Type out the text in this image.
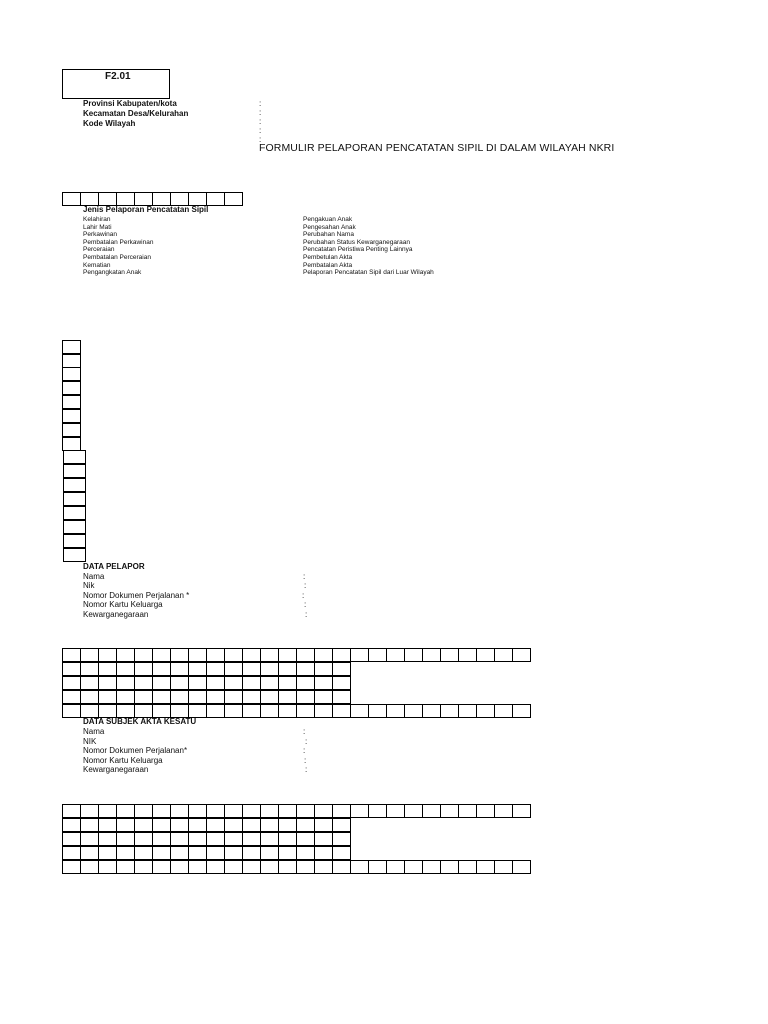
F2.01
Provinsi Kabupaten/kota
Kecamatan Desa/Kelurahan
Kode Wilayah
:
:
:
:
:
FORMULIR PELAPORAN PENCATATAN SIPIL DI DALAM WILAYAH NKRI
Jenis Pelaporan Pencatatan Sipil
Kelahiran
Lahir Mati
Perkawinan
Pembatalan Perkawinan
Perceraian
Pembatalan Perceraian
Kematian
Pengangkatan Anak
Pengakuan Anak
Pengesahan Anak
Perubahan Nama
Perubahan Status Kewarganegaraan
Pencatatan Peristiwa Penting Lainnya
Pembetulan Akta
Pembatalan Akta
Pelaporan Pencatatan Sipil dari Luar Wilayah
DATA PELAPOR
Nama
Nik
Nomor Dokumen Perjalanan *
Nomor Kartu Keluarga
Kewarganegaraan
:
:
:
:
:
DATA SUBJEK AKTA KESATU
Nama
NIK
Nomor Dokumen Perjalanan*
Nomor Kartu Keluarga
Kewarganegaraan
:
:
:
:
:
